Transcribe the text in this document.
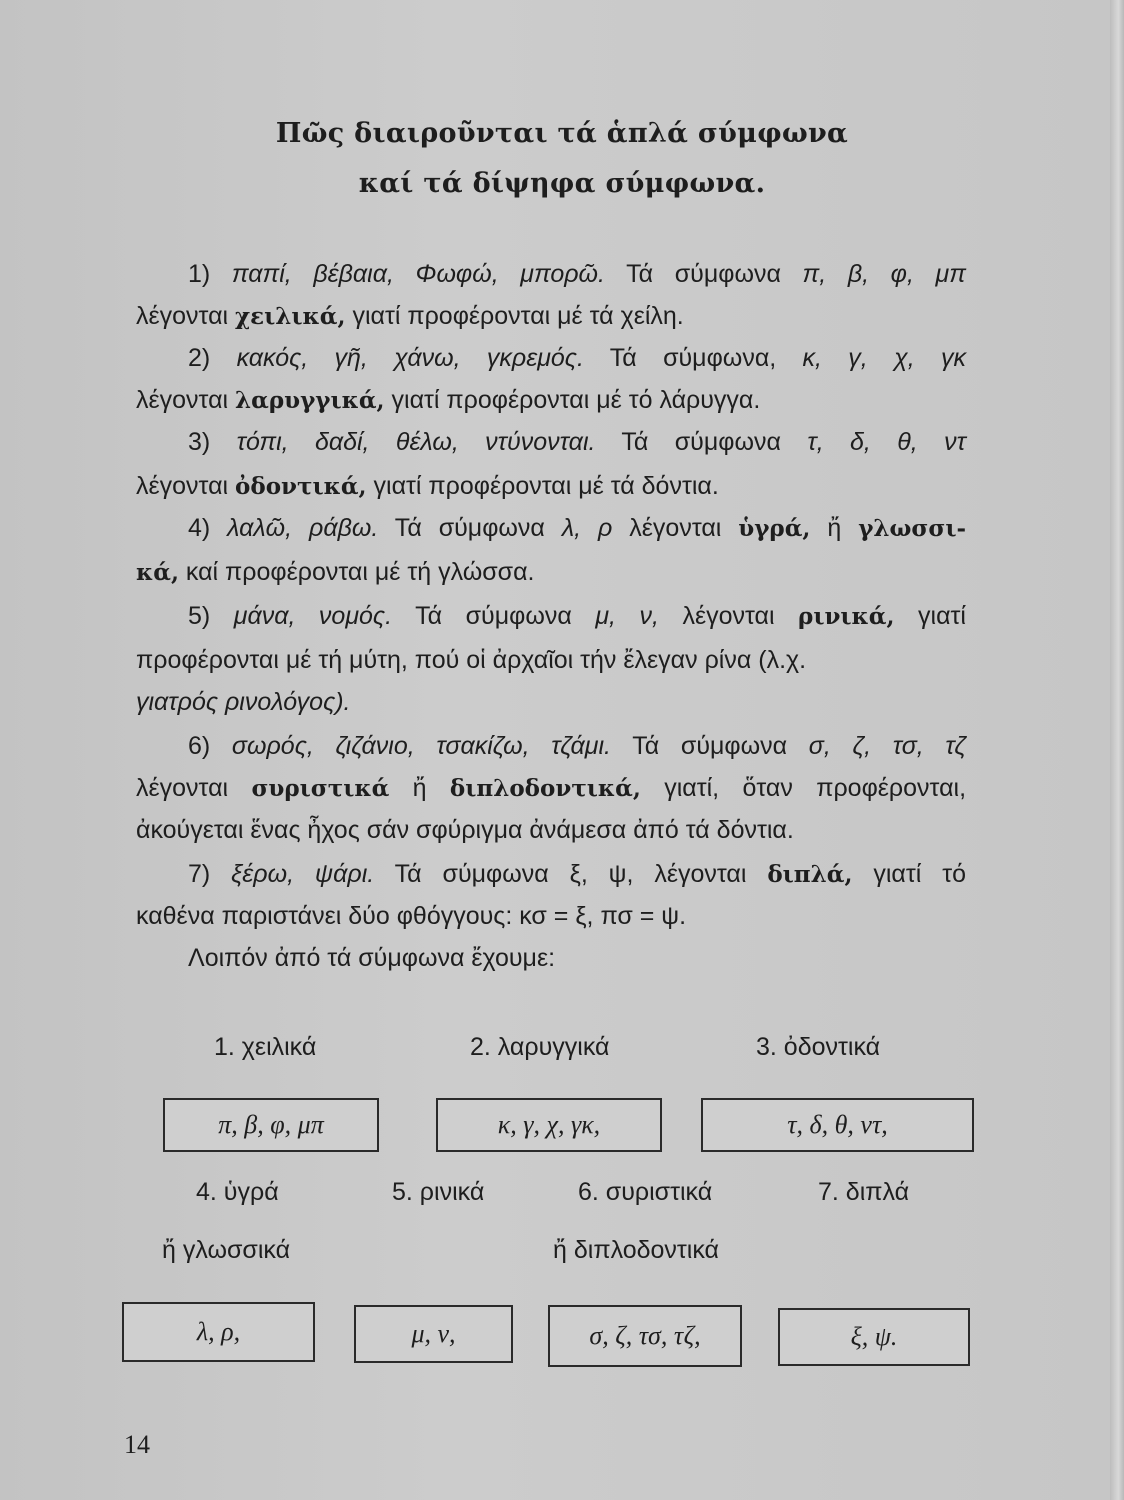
Πῶς διαιροῦνται τά ἁπλά σύμφωνα
καί τά δίψηφα σύμφωνα.
1) παπί, βέβαια, Φωφώ, μπορῶ. Τά σύμφωνα π, β, φ, μπ
λέγονται χειλικά, γιατί προφέρονται μέ τά χείλη.
2) κακός, γῆ, χάνω, γκρεμός. Τά σύμφωνα, κ, γ, χ, γκ
λέγονται λαρυγγικά, γιατί προφέρονται μέ τό λάρυγγα.
3) τόπι, δαδί, θέλω, ντύνονται. Τά σύμφωνα τ, δ, θ, ντ
λέγονται ὀδοντικά, γιατί προφέρονται μέ τά δόντια.
4) λαλῶ, ράβω. Τά σύμφωνα λ, ρ λέγονται ὑγρά, ἤ γλωσσι-
κά, καί προφέρονται μέ τή γλώσσα.
5) μάνα, νομός. Τά σύμφωνα μ, ν, λέγονται ρινικά, γιατί
προφέρονται μέ τή μύτη, πού οἱ ἀρχαῖοι τήν ἔλεγαν ρίνα (λ.χ.
γιατρός ρινολόγος).
6) σωρός, ζιζάνιο, τσακίζω, τζάμι. Τά σύμφωνα σ, ζ, τσ, τζ
λέγονται συριστικά ἤ διπλοδοντικά, γιατί, ὅταν προφέρονται,
ἀκούγεται ἕνας ἦχος σάν σφύριγμα ἀνάμεσα ἀπό τά δόντια.
7) ξέρω, ψάρι. Τά σύμφωνα ξ, ψ, λέγονται διπλά, γιατί τό
καθένα παριστάνει δύο φθόγγους: κσ = ξ, πσ = ψ.
Λοιπόν ἀπό τά σύμφωνα ἔχουμε:
1. χειλικά	2. λαρυγγικά	3. ὀδοντικά
π, β, φ, μπ	κ, γ, χ, γκ,	τ, δ, θ, ντ,
4. ὑγρά	5. ρινικά	6. συριστικά	7. διπλά
ἤ γλωσσικά	ἤ διπλοδοντικά
λ, ρ,	μ, ν,	σ, ζ, τσ, τζ,	ξ, ψ.
14
